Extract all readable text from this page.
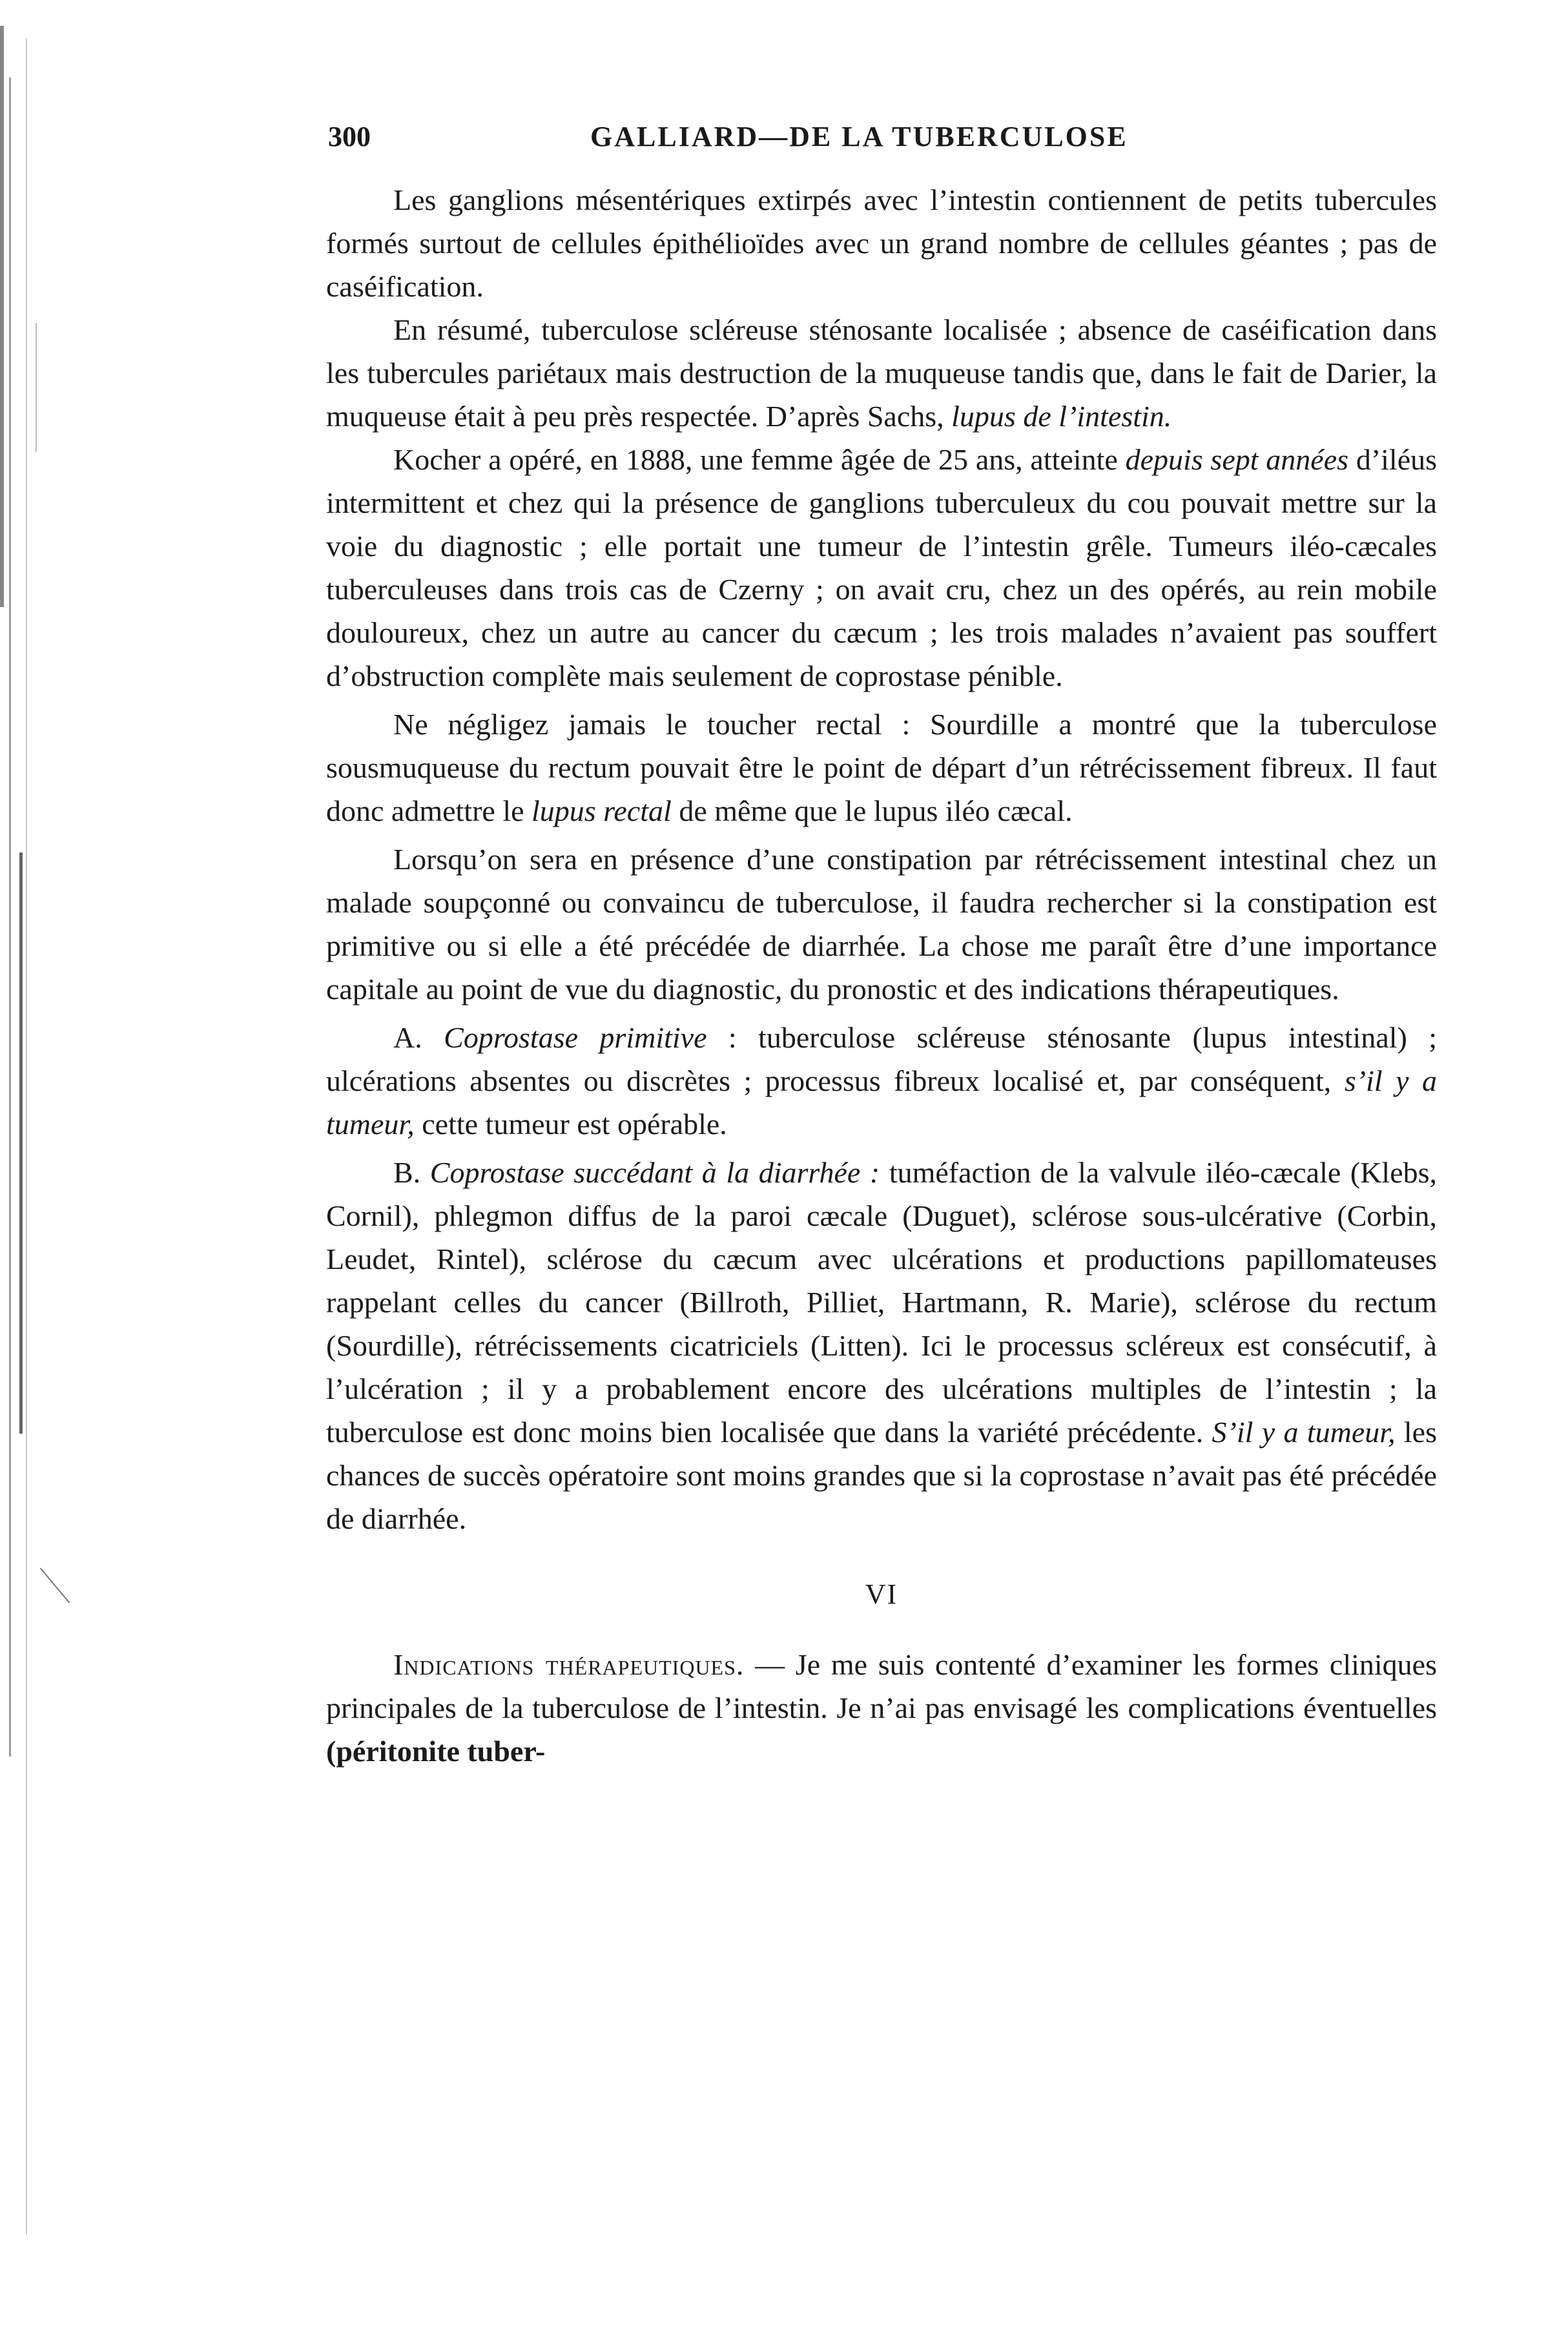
300	GALLIARD—DE LA TUBERCULOSE

Les ganglions mésentériques extirpés avec l’intestin contiennent de petits tubercules formés surtout de cellules épithélioïdes avec un grand nombre de cellules géantes ; pas de caséification.

En résumé, tuberculose scléreuse sténosante localisée ; absence de caséification dans les tubercules pariétaux mais destruction de la muqueuse tandis que, dans le fait de Darier, la muqueuse était à peu près respectée. D’après Sachs, lupus de l’intestin.

Kocher a opéré, en 1888, une femme âgée de 25 ans, atteinte depuis sept années d’iléus intermittent et chez qui la présence de ganglions tuberculeux du cou pouvait mettre sur la voie du diagnostic ; elle portait une tumeur de l’intestin grêle. Tumeurs iléo-cæcales tuberculeuses dans trois cas de Czerny ; on avait cru, chez un des opérés, au rein mobile douloureux, chez un autre au cancer du cæcum ; les trois malades n’avaient pas souffert d’obstruction complète mais seulement de coprostase pénible.

Ne négligez jamais le toucher rectal : Sourdille a montré que la tuberculose sousmuqueuse du rectum pouvait être le point de départ d’un rétrécissement fibreux. Il faut donc admettre le lupus rectal de même que le lupus iléo cæcal.

Lorsqu’on sera en présence d’une constipation par rétrécissement intestinal chez un malade soupçonné ou convaincu de tuberculose, il faudra rechercher si la constipation est primitive ou si elle a été précédée de diarrhée. La chose me paraît être d’une importance capitale au point de vue du diagnostic, du pronostic et des indications thérapeutiques.

A. Coprostase primitive : tuberculose scléreuse sténosante (lupus intestinal) ; ulcérations absentes ou discrètes ; processus fibreux localisé et, par conséquent, s’il y a tumeur, cette tumeur est opérable.

B. Coprostase succédant à la diarrhée : tuméfaction de la valvule iléo-cæcale (Klebs, Cornil), phlegmon diffus de la paroi cæcale (Duguet), sclérose sous-ulcérative (Corbin, Leudet, Rintel), sclérose du cæcum avec ulcérations et productions papillomateuses rappelant celles du cancer (Billroth, Pilliet, Hartmann, R. Marie), sclérose du rectum (Sourdille), rétrécissements cicatriciels (Litten). Ici le processus scléreux est consécutif, à l’ulcération ; il y a probablement encore des ulcérations multiples de l’intestin ; la tuberculose est donc moins bien localisée que dans la variété précédente. S’il y a tumeur, les chances de succès opératoire sont moins grandes que si la coprostase n’avait pas été précédée de diarrhée.

VI

Indications thérapeutiques. — Je me suis contenté d’examiner les formes cliniques principales de la tuberculose de l’intestin. Je n’ai pas envisagé les complications éventuelles (péritonite tuber-
